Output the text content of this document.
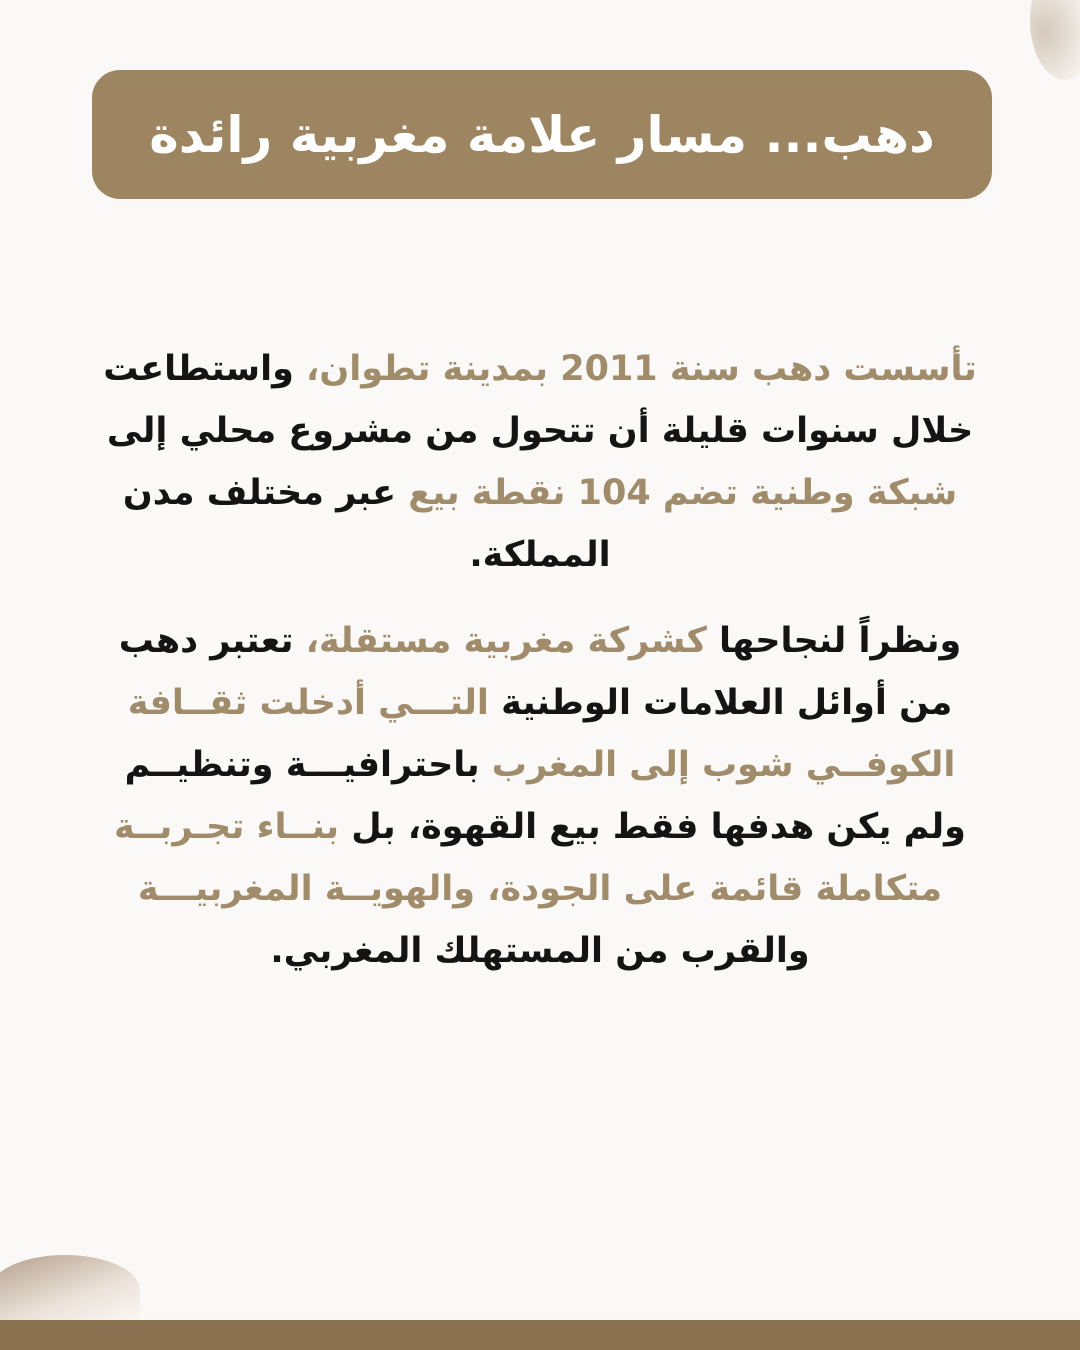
دهب... مسار علامة مغربية رائدة
تأسست دهب سنة 2011 بمدينة تطوان، واستطاعت خلال سنوات قليلة أن تتحول من مشروع محلي إلى شبكة وطنية تضم 104 نقطة بيع عبر مختلف مدن المملكة.
ونظراً لنجاحها كشركة مغربية مستقلة، تعتبر دهب من أوائل العلامات الوطنية التـــي أدخلت ثقــافة الكوفــي شوب إلى المغرب باحترافيـــة وتنظيــم ولم يكن هدفها فقط بيع القهوة، بل بنــاء تجـربــة متكاملة قائمة على الجودة، والهويــة المغربيـــة والقرب من المستهلك المغربي.
